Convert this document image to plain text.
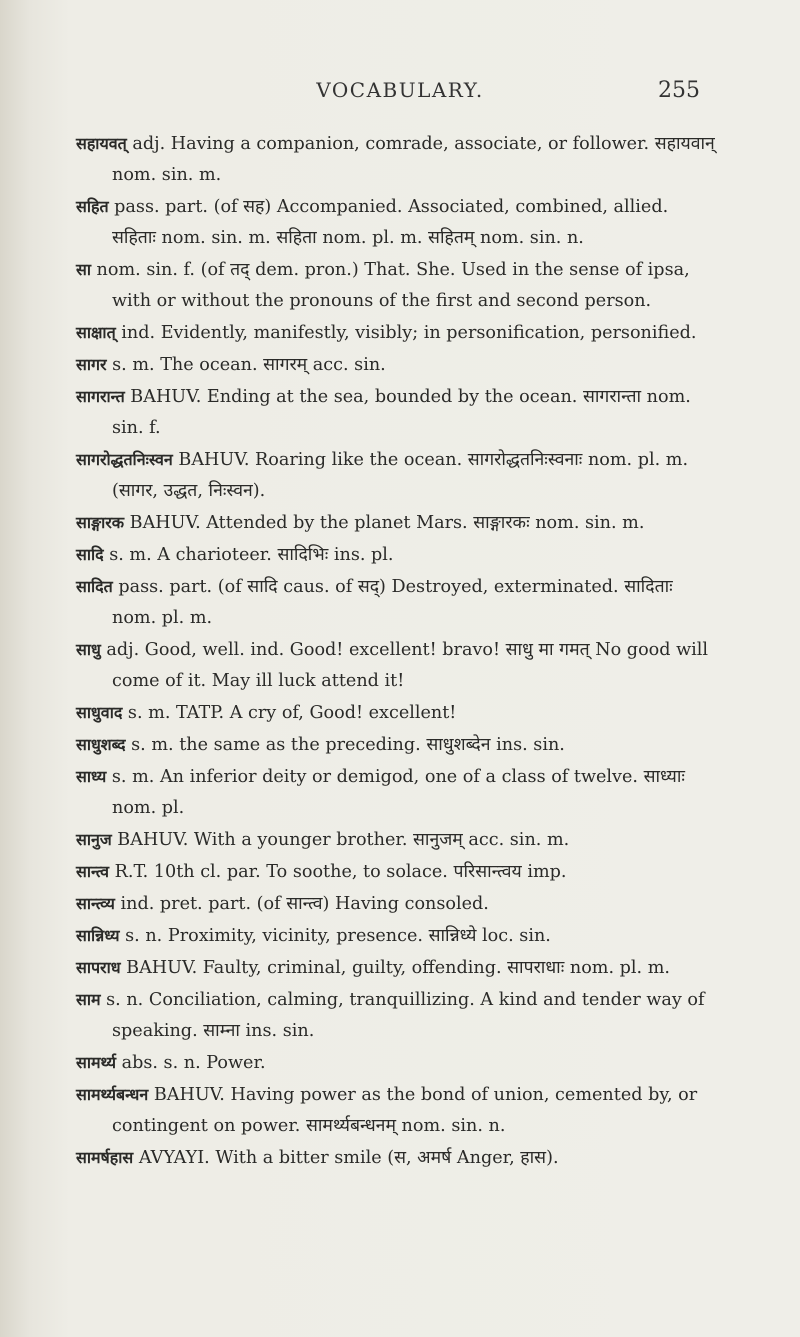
VOCABULARY.	255
सहायवत् adj. Having a companion, comrade, associate, or follower. सहायवान् nom. sin. m.
सहित pass. part. (of सह) Accompanied. Associated, combined, allied. सहिताः nom. sin. m. सहिता nom. pl. m. सहितम् nom. sin. n.
सा nom. sin. f. (of तद् dem. pron.) That. She. Used in the sense of ipsa, with or without the pronouns of the first and second person.
साक्षात् ind. Evidently, manifestly, visibly; in personification, personified.
सागर s. m. The ocean. सागरम् acc. sin.
सागरान्त BAHUV. Ending at the sea, bounded by the ocean. सागरान्ता nom. sin. f.
सागरोद्धतनिःस्वन BAHUV. Roaring like the ocean. सागरोद्धतनिःस्वनाः nom. pl. m. (सागर, उद्धत, निःस्वन).
साङ्गारक BAHUV. Attended by the planet Mars. साङ्गारकः nom. sin. m.
सादि s. m. A charioteer. सादिभिः ins. pl.
सादित pass. part. (of सादि caus. of सद्) Destroyed, exterminated. सादिताः nom. pl. m.
साधु adj. Good, well. ind. Good! excellent! bravo! साधु मा गमत् No good will come of it. May ill luck attend it!
साधुवाद s. m. TATP. A cry of, Good! excellent!
साधुशब्द s. m. the same as the preceding. साधुशब्देन ins. sin.
साध्य s. m. An inferior deity or demigod, one of a class of twelve. साध्याः nom. pl.
सानुज BAHUV. With a younger brother. सानुजम् acc. sin. m.
सान्त्व R.T. 10th cl. par. To soothe, to solace. परिसान्त्वय imp.
सान्त्व्य ind. pret. part. (of सान्त्व) Having consoled.
सान्निध्य s. n. Proximity, vicinity, presence. सान्निध्ये loc. sin.
सापराध BAHUV. Faulty, criminal, guilty, offending. सापराधाः nom. pl. m.
साम s. n. Conciliation, calming, tranquillizing. A kind and tender way of speaking. साम्ना ins. sin.
सामर्थ्य abs. s. n. Power.
सामर्थ्यबन्धन BAHUV. Having power as the bond of union, cemented by, or contingent on power. सामर्थ्यबन्धनम् nom. sin. n.
सामर्षहास AVYAYI. With a bitter smile (स, अमर्ष Anger, हास).
